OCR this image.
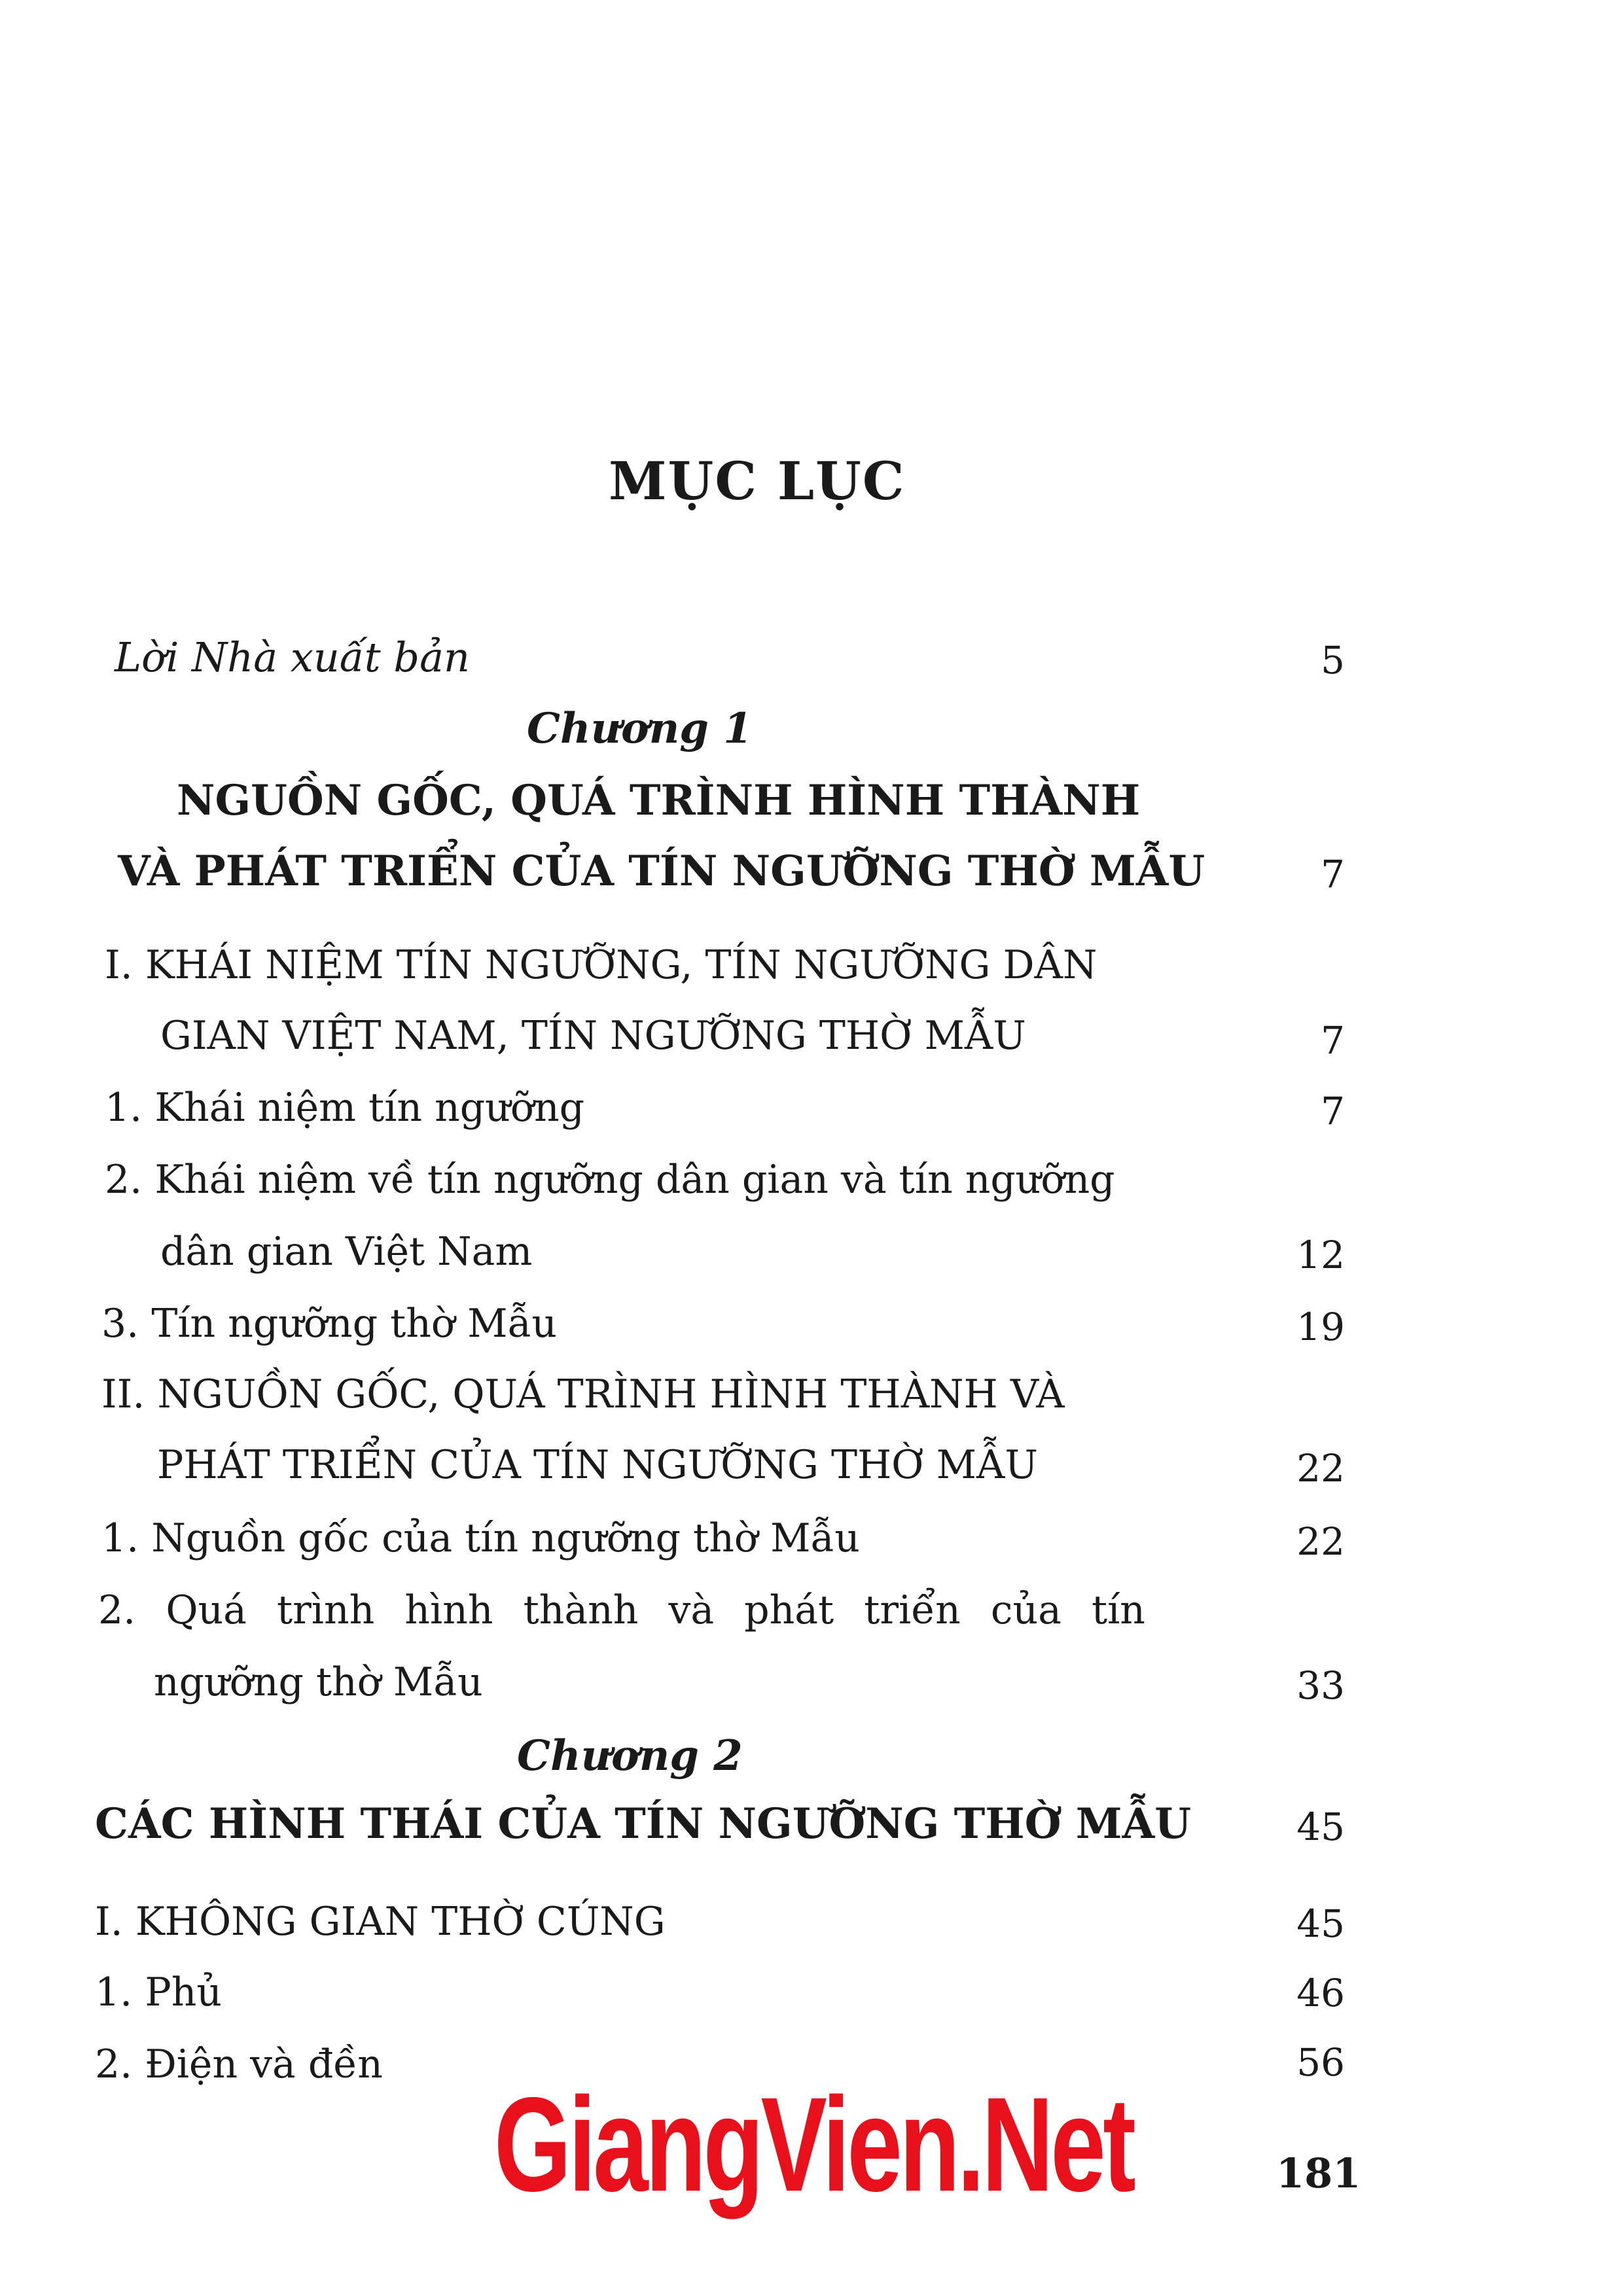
MỤC LỤC
Lời Nhà xuất bản	5
Chương 1
NGUỒN GỐC, QUÁ TRÌNH HÌNH THÀNH
VÀ PHÁT TRIỂN CỦA TÍN NGƯỠNG THỜ MẪU	7
I. KHÁI NIỆM TÍN NGƯỠNG, TÍN NGƯỠNG DÂN
GIAN VIỆT NAM, TÍN NGƯỠNG THỜ MẪU	7
1. Khái niệm tín ngưỡng	7
2. Khái niệm về tín ngưỡng dân gian và tín ngưỡng
dân gian Việt Nam	12
3. Tín ngưỡng thờ Mẫu	19
II. NGUỒN GỐC, QUÁ TRÌNH HÌNH THÀNH VÀ
PHÁT TRIỂN CỦA TÍN NGƯỠNG THỜ MẪU	22
1. Nguồn gốc của tín ngưỡng thờ Mẫu	22
2. Quá trình hình thành và phát triển của tín
ngưỡng thờ Mẫu	33
Chương 2
CÁC HÌNH THÁI CỦA TÍN NGƯỠNG THỜ MẪU	45
I. KHÔNG GIAN THỜ CÚNG	45
1. Phủ	46
2. Điện và đền	56
GiangVien.Net	181
